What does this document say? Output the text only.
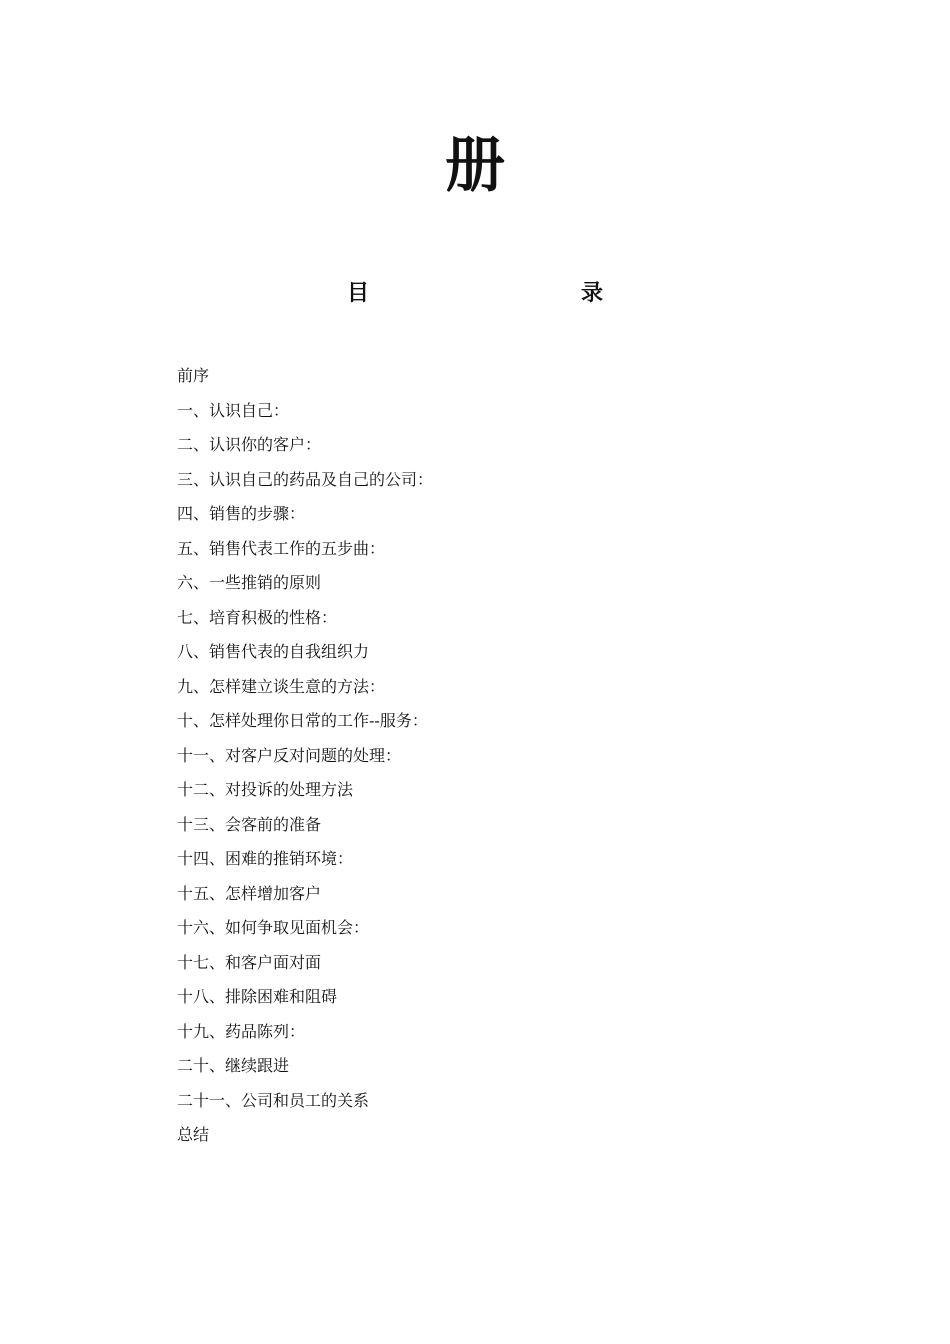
册
目	录
前序
一、认识自己：
二、认识你的客户：
三、认识自己的药品及自己的公司：
四、销售的步骤：
五、销售代表工作的五步曲：
六、一些推销的原则
七、培育积极的性格：
八、销售代表的自我组织力
九、怎样建立谈生意的方法：
十、怎样处理你日常的工作--服务：
十一、对客户反对问题的处理：
十二、对投诉的处理方法
十三、会客前的准备
十四、困难的推销环境：
十五、怎样增加客户
十六、如何争取见面机会：
十七、和客户面对面
十八、排除困难和阻碍
十九、药品陈列：
二十、继续跟进
二十一、公司和员工的关系
总结
